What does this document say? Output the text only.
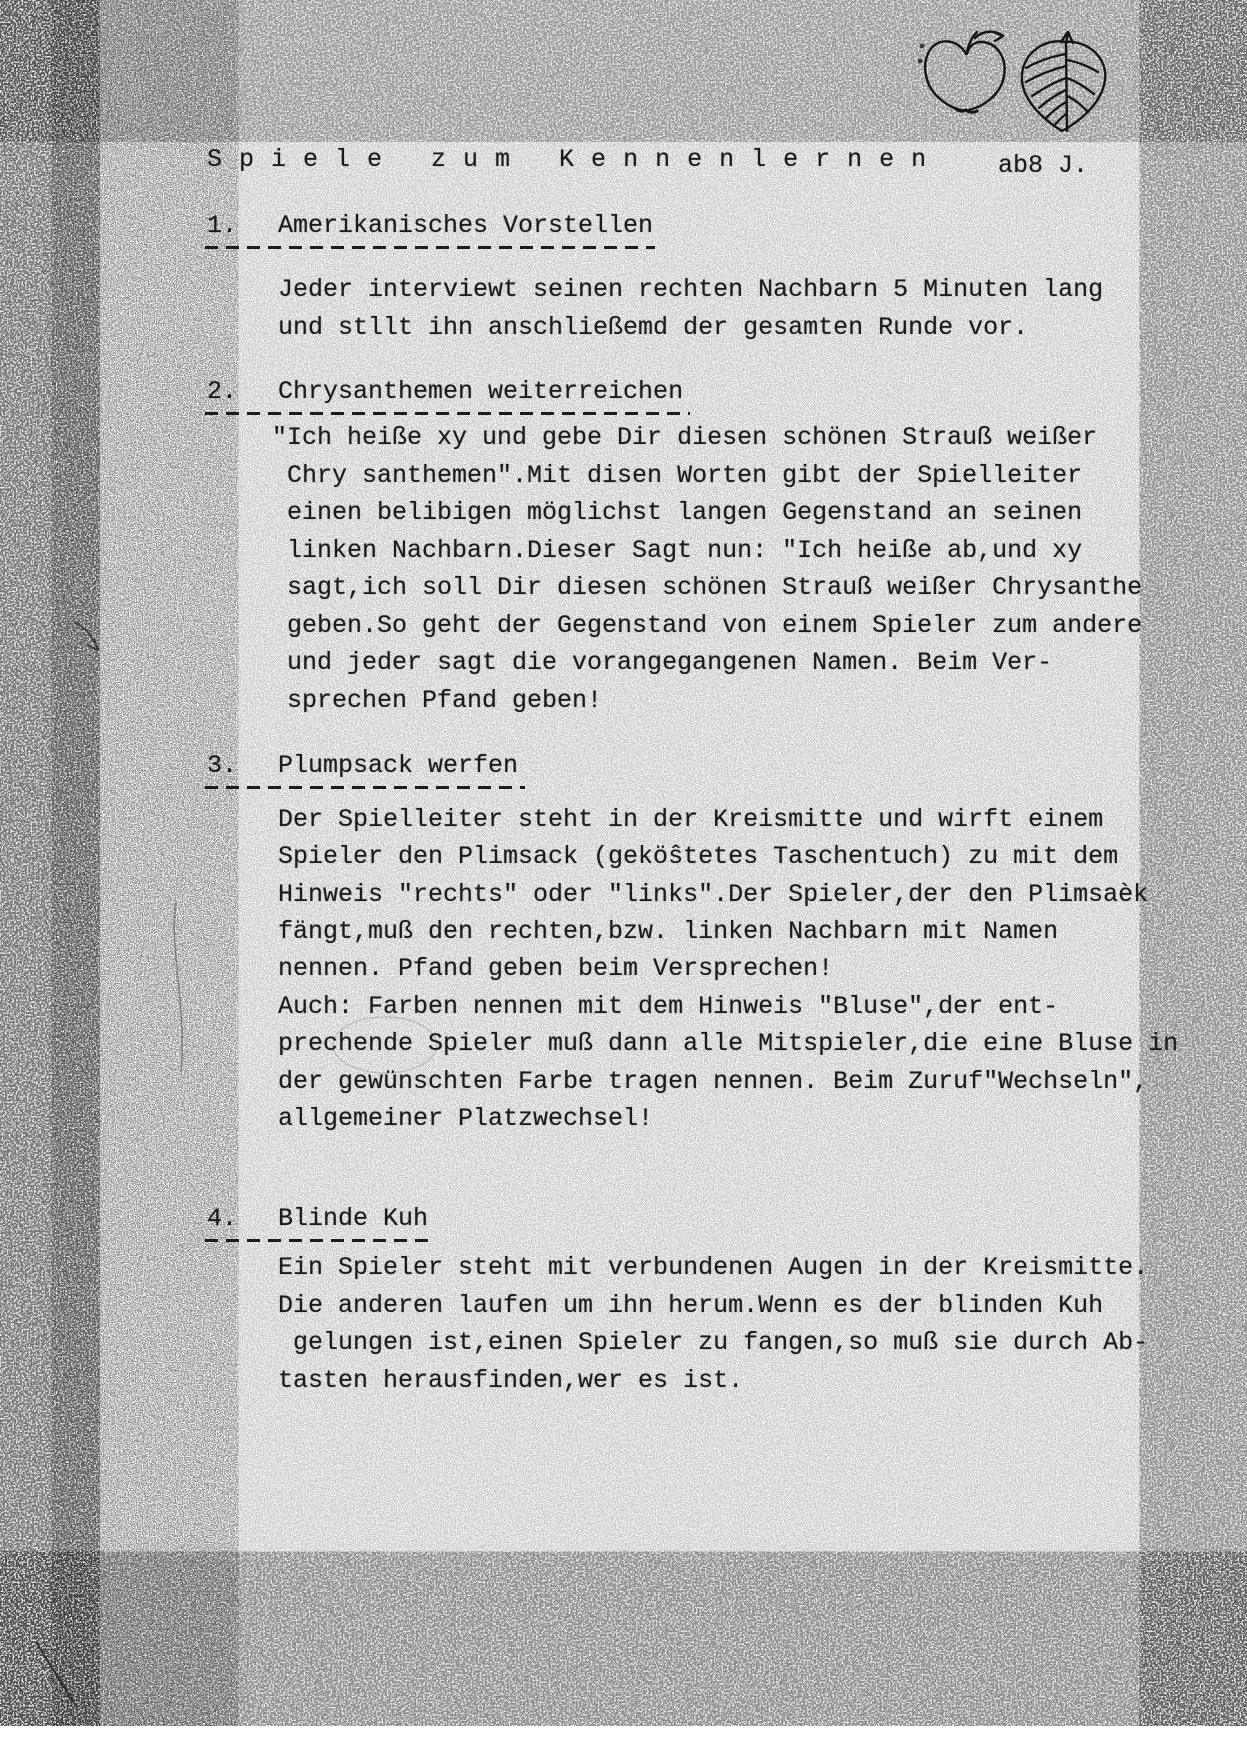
S p i e l e   z u m   K e n n e n l e r n e n	ab8 J.
1. Amerikanisches Vorstellen
Jeder interviewt seinen rechten Nachbarn 5 Minuten lang
und stllt ihn anschließemd der gesamten Runde vor.
2. Chrysanthemen weiterreichen
"Ich heiße xy und gebe Dir diesen schönen Strauß weißer
Chry santhemen".Mit disen Worten gibt der Spielleiter
einen belibigen möglichst langen Gegenstand an seinen
linken Nachbarn.Dieser Sagt nun: "Ich heiße ab,und xy
sagt,ich soll Dir diesen schönen Strauß weißer Chrysanthe
geben.So geht der Gegenstand von einem Spieler zum andere
und jeder sagt die vorangegangenen Namen. Beim Ver-
sprechen Pfand geben!
3. Plumpsack werfen
Der Spielleiter steht in der Kreismitte und wirft einem
Spieler den Plimsack (geköŝtetes Taschentuch) zu mit dem
Hinweis "rechts" oder "links".Der Spieler,der den Plimsaèk
fängt,muß den rechten,bzw. linken Nachbarn mit Namen
nennen. Pfand geben beim Versprechen!
Auch: Farben nennen mit dem Hinweis "Bluse",der ent-
prechende Spieler muß dann alle Mitspieler,die eine Bluse in
der gewünschten Farbe tragen nennen. Beim Zuruf"Wechseln",
allgemeiner Platzwechsel!
4. Blinde Kuh
Ein Spieler steht mit verbundenen Augen in der Kreismitte.
Die anderen laufen um ihn herum.Wenn es der blinden Kuh
gelungen ist,einen Spieler zu fangen,so muß sie durch Ab-
tasten herausfinden,wer es ist.
